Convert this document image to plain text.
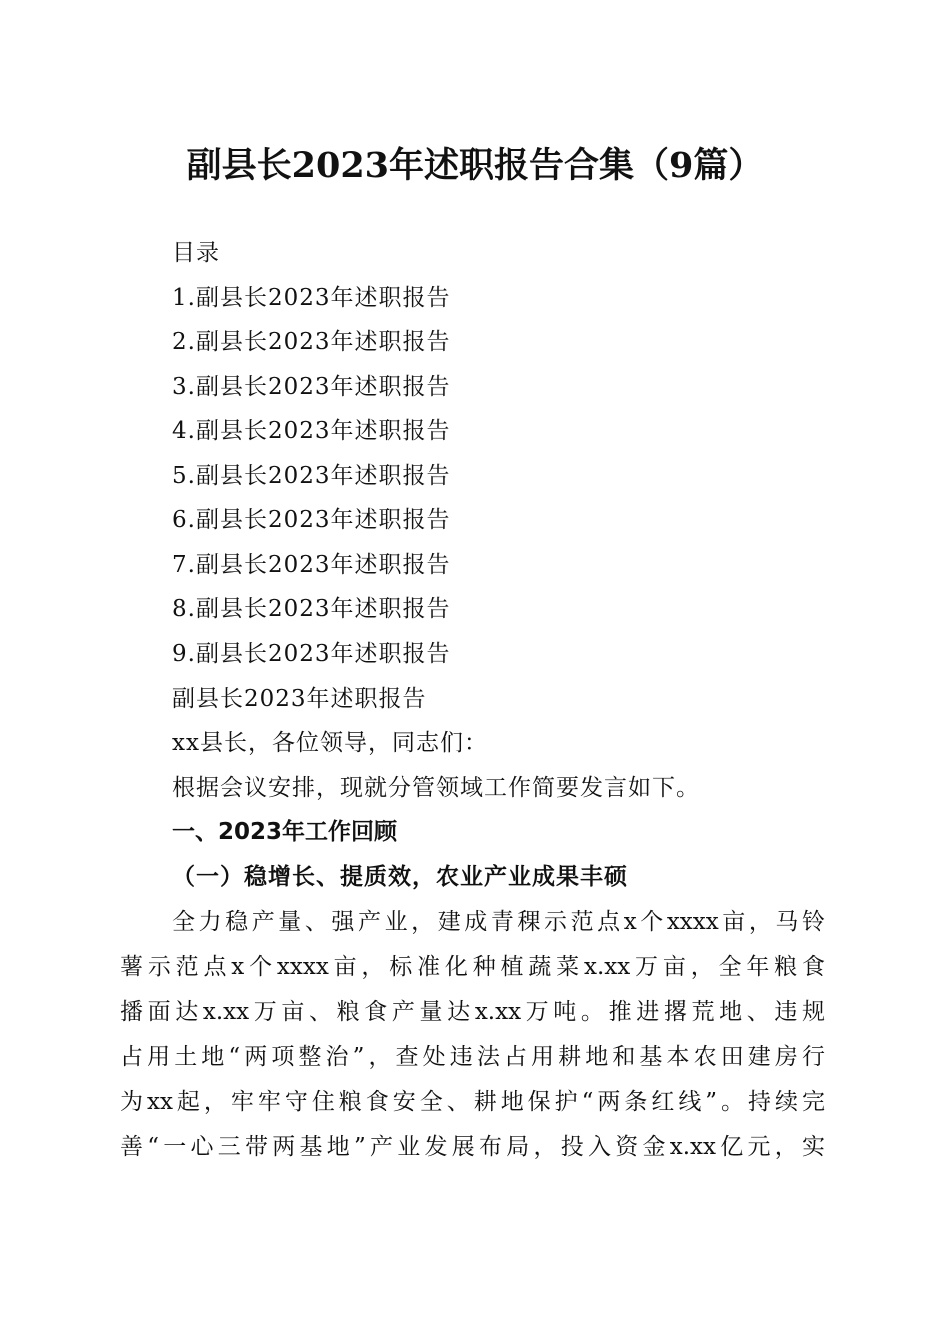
副县长2023年述职报告合集（9篇）
目录
1.副县长2023年述职报告
2.副县长2023年述职报告
3.副县长2023年述职报告
4.副县长2023年述职报告
5.副县长2023年述职报告
6.副县长2023年述职报告
7.副县长2023年述职报告
8.副县长2023年述职报告
9.副县长2023年述职报告
副县长2023年述职报告
xx县长，各位领导，同志们：
根据会议安排，现就分管领域工作简要发言如下。
一、2023年工作回顾
（一）稳增长、提质效，农业产业成果丰硕
全力稳产量、强产业，建成青稞示范点x个xxxx亩，马铃
薯示范点x个xxxx亩，标准化种植蔬菜x.xx万亩，全年粮食
播面达x.xx万亩、粮食产量达x.xx万吨。推进撂荒地、违规
占用土地“两项整治”，查处违法占用耕地和基本农田建房行
为xx起，牢牢守住粮食安全、耕地保护“两条红线”。持续完
善“一心三带两基地”产业发展布局，投入资金x.xx亿元，实
